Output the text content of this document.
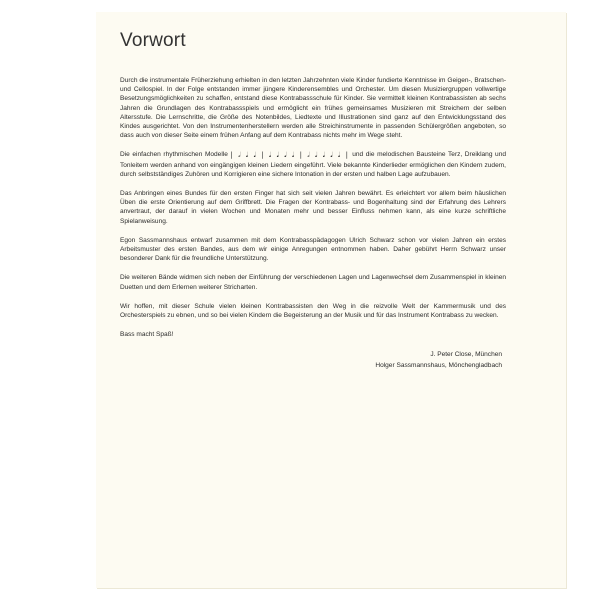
Vorwort

Durch die instrumentale Früherziehung erhielten in den letzten Jahrzehnten viele Kinder fundierte Kenntnisse im Geigen-, Bratschen- und Cellospiel. In der Folge entstanden immer jüngere Kinderensembles und Orchester. Um diesen Musiziergruppen vollwertige Besetzungsmöglichkeiten zu schaffen, entstand diese Kontrabassschule für Kinder. Sie vermittelt kleinen Kontrabassisten ab sechs Jahren die Grundlagen des Kontrabassspiels und ermöglicht ein frühes gemeinsames Musizieren mit Streichern der selben Altersstufe. Die Lernschritte, die Größe des Notenbildes, Liedtexte und Illustrationen sind ganz auf den Entwicklungsstand des Kindes ausgerichtet. Von den Instrumentenherstellern werden alle Streichinstrumente in passenden Schülergrößen angeboten, so dass auch von dieser Seite einem frühen Anfang auf dem Kontrabass nichts mehr im Wege steht.

Die einfachen rhythmischen Modelle | 𝅗𝅥 𝅘𝅥 𝅘𝅥 | 𝅘𝅥 𝅘𝅥 𝅘𝅥 𝅘𝅥 | 𝅗𝅥 𝅘𝅥 𝅘𝅥 𝅘𝅥 𝅘𝅥 | und die melodischen Bausteine Terz, Dreiklang und Tonleitern werden anhand von eingängigen kleinen Liedern eingeführt. Viele bekannte Kinderlieder ermöglichen den Kindern zudem, durch selbstständiges Zuhören und Korrigieren eine sichere Intonation in der ersten und halben Lage aufzubauen.

Das Anbringen eines Bundes für den ersten Finger hat sich seit vielen Jahren bewährt. Es erleichtert vor allem beim häuslichen Üben die erste Orientierung auf dem Griffbrett. Die Fragen der Kontrabass- und Bogenhaltung sind der Erfahrung des Lehrers anvertraut, der darauf in vielen Wochen und Monaten mehr und besser Einfluss nehmen kann, als eine kurze schriftliche Spielanweisung.

Egon Sassmannshaus entwarf zusammen mit dem Kontrabasspädagogen Ulrich Schwarz schon vor vielen Jahren ein erstes Arbeitsmuster des ersten Bandes, aus dem wir einige Anregungen entnommen haben. Daher gebührt Herrn Schwarz unser besonderer Dank für die freundliche Unterstützung.

Die weiteren Bände widmen sich neben der Einführung der verschiedenen Lagen und Lagenwechsel dem Zusammenspiel in kleinen Duetten und dem Erlernen weiterer Stricharten.

Wir hoffen, mit dieser Schule vielen kleinen Kontrabassisten den Weg in die reizvolle Welt der Kammermusik und des Orchesterspiels zu ebnen, und so bei vielen Kindern die Begeisterung an der Musik und für das Instrument Kontrabass zu wecken.

Bass macht Spaß!

J. Peter Close, München
Holger Sassmannshaus, Mönchengladbach
